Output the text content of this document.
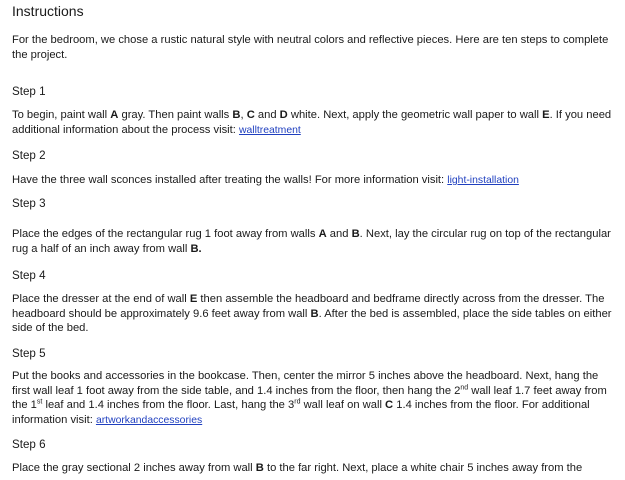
Instructions

For the bedroom, we chose a rustic natural style with neutral colors and reflective pieces. Here are ten steps to complete the project.

Step 1

To begin, paint wall A gray. Then paint walls B, C and D white. Next, apply the geometric wall paper to wall E. If you need additional information about the process visit: walltreatment

Step 2

Have the three wall sconces installed after treating the walls! For more information visit: light-installation

Step 3

Place the edges of the rectangular rug 1 foot away from walls A and B. Next, lay the circular rug on top of the rectangular rug a half of an inch away from wall B.

Step 4

Place the dresser at the end of wall E then assemble the headboard and bedframe directly across from the dresser. The headboard should be approximately 9.6 feet away from wall B. After the bed is assembled, place the side tables on either side of the bed.

Step 5

Put the books and accessories in the bookcase. Then, center the mirror 5 inches above the headboard. Next, hang the first wall leaf 1 foot away from the side table, and 1.4 inches from the floor, then hang the 2nd wall leaf 1.7 feet away from the 1st leaf and 1.4 inches from the floor. Last, hang the 3rd wall leaf on wall C 1.4 inches from the floor. For additional information visit: artworkandaccessories

Step 6

Place the gray sectional 2 inches away from wall B to the far right. Next, place a white chair 5 inches away from the
